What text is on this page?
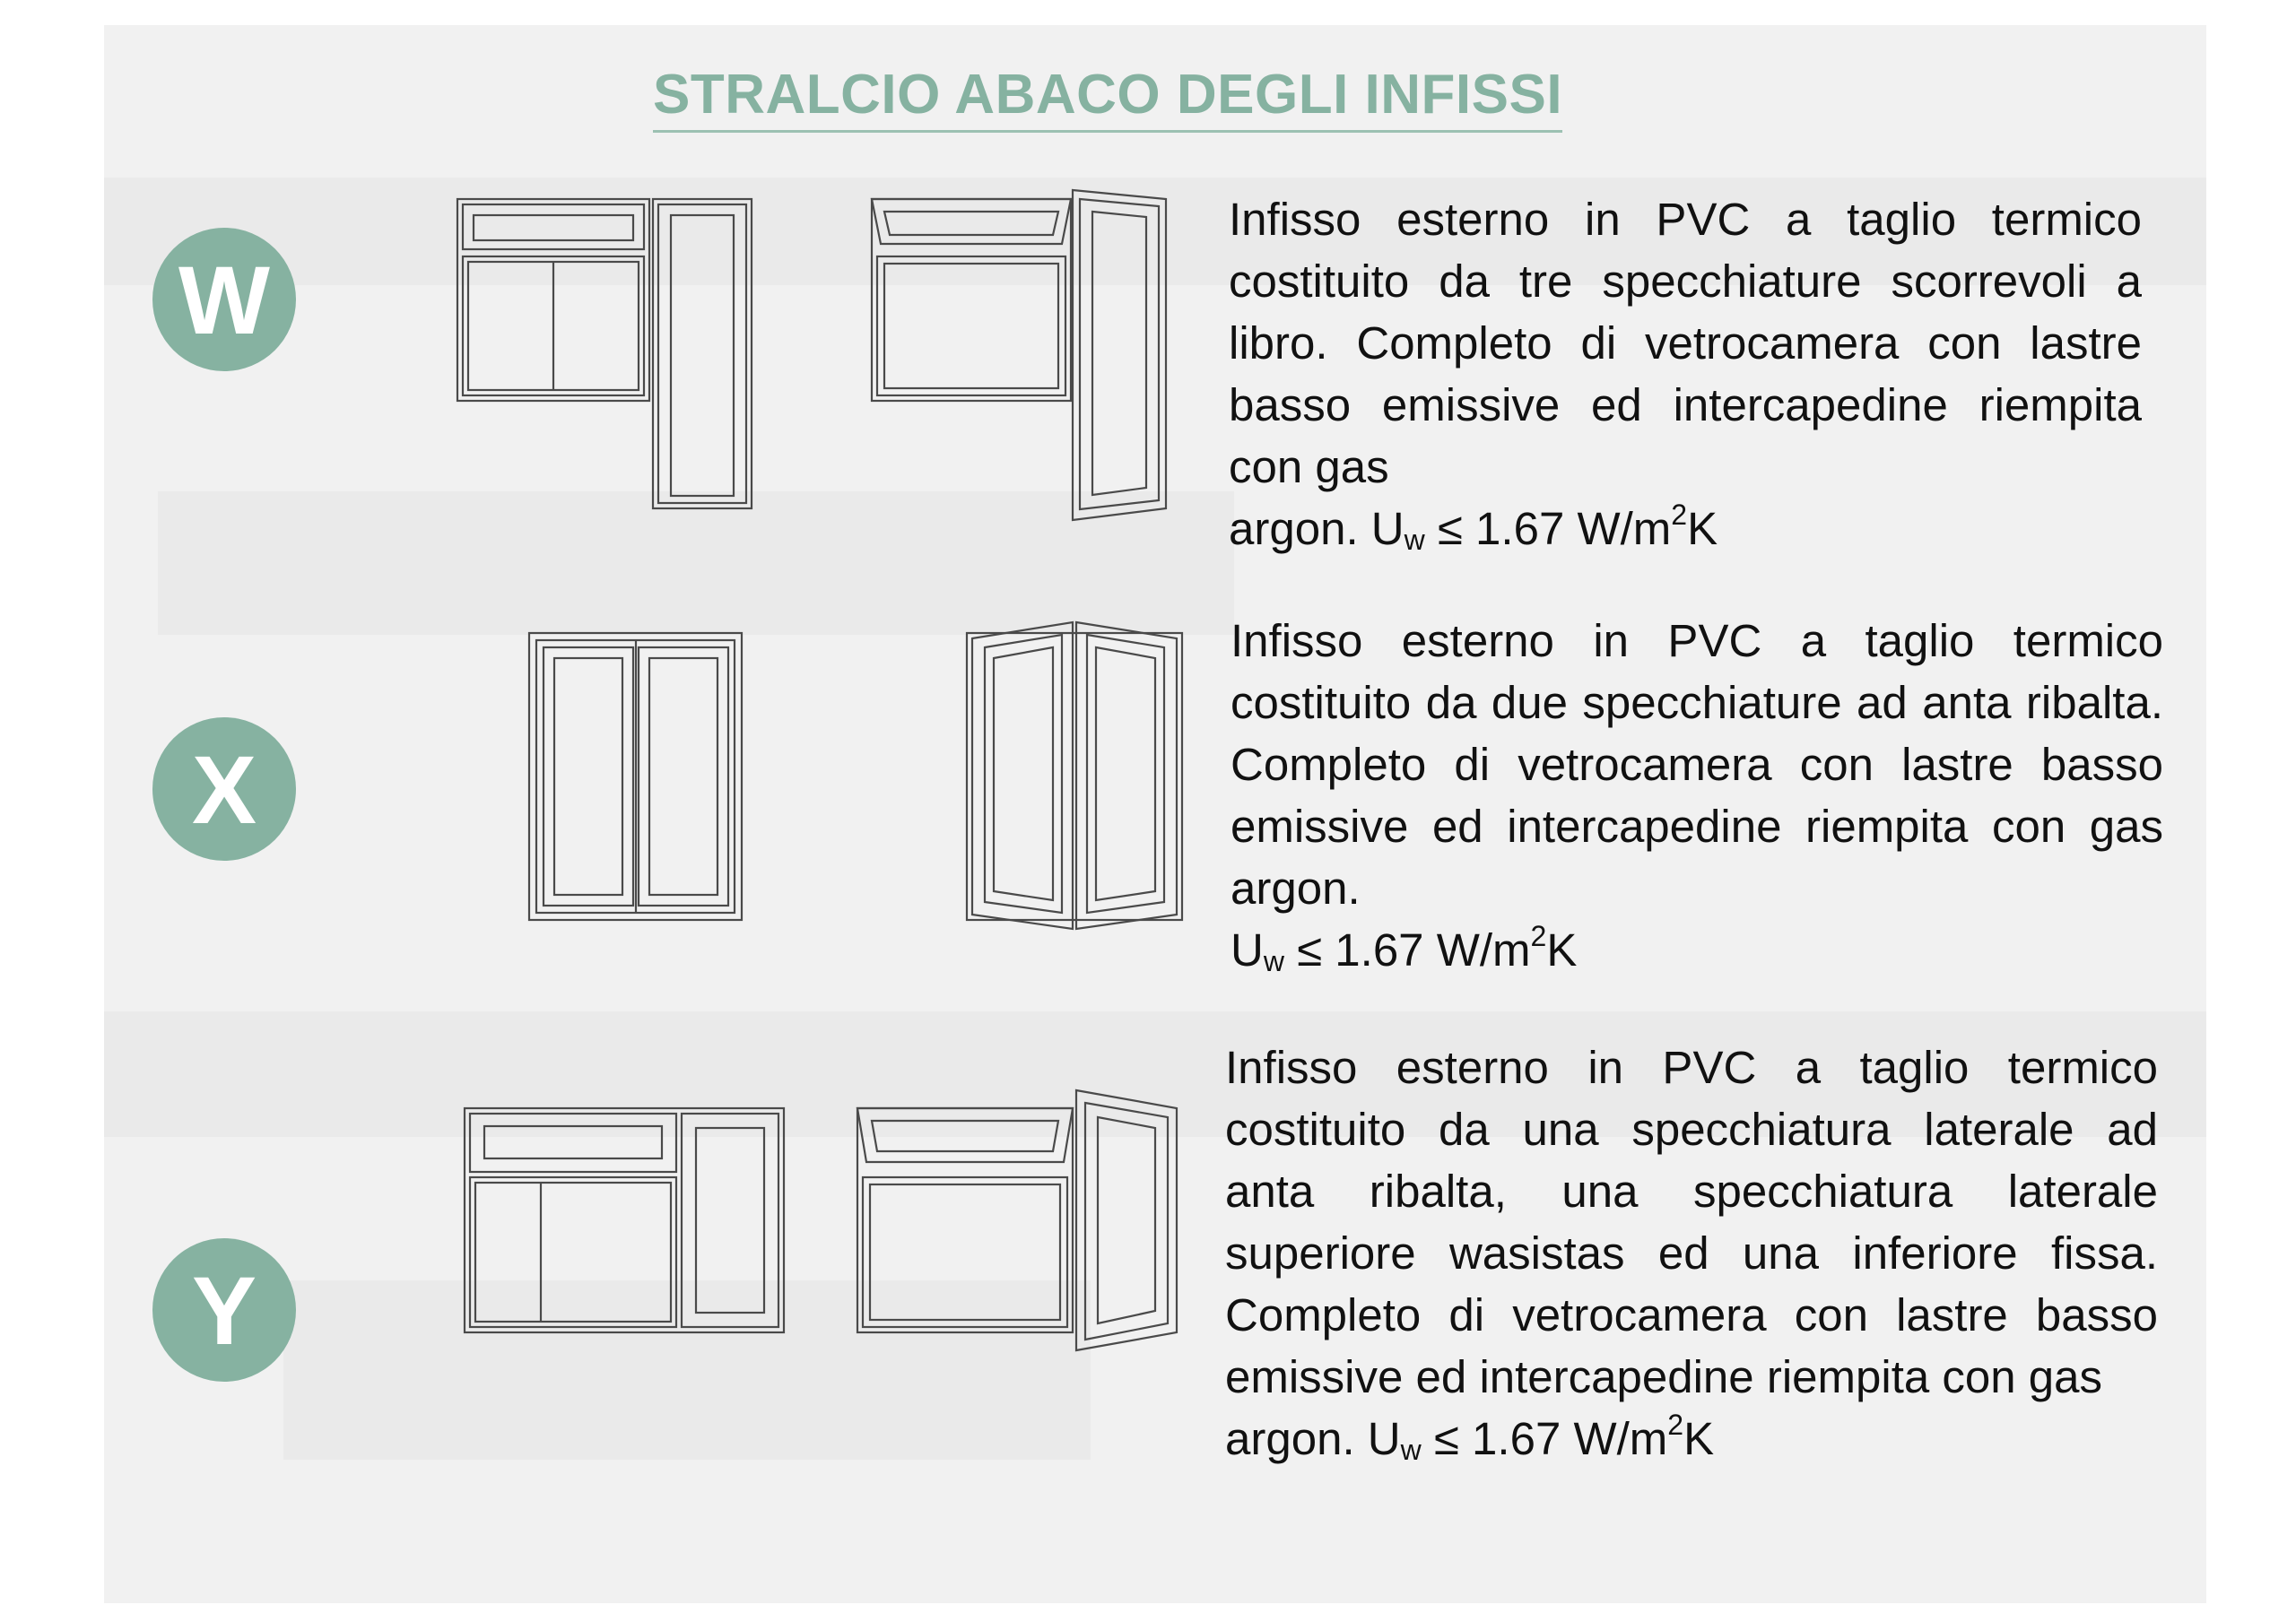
STRALCIO ABACO DEGLI INFISSI
W
Infisso esterno in PVC a taglio termico costituito da tre specchiature scorrevoli a libro. Completo di vetrocamera con lastre basso emissive ed intercapedine riempita con gas
argon. $U_w \le 1.67$ $W/m^2K$
X
Infisso esterno in PVC a taglio termico costituito da due specchiature ad anta ribalta. Completo di vetrocamera con lastre basso emissive ed intercapedine riempita con gas argon.
$U_w \le 1.67$ $W/m^2K$
Y
Infisso esterno in PVC a taglio termico costituito da una specchiatura laterale ad anta ribalta, una specchiatura laterale superiore wasistas ed una inferiore fissa. Completo di vetrocamera con lastre basso emissive ed intercapedine riempita con gas
argon. $U_w \le 1.67$ $W/m^2K$
